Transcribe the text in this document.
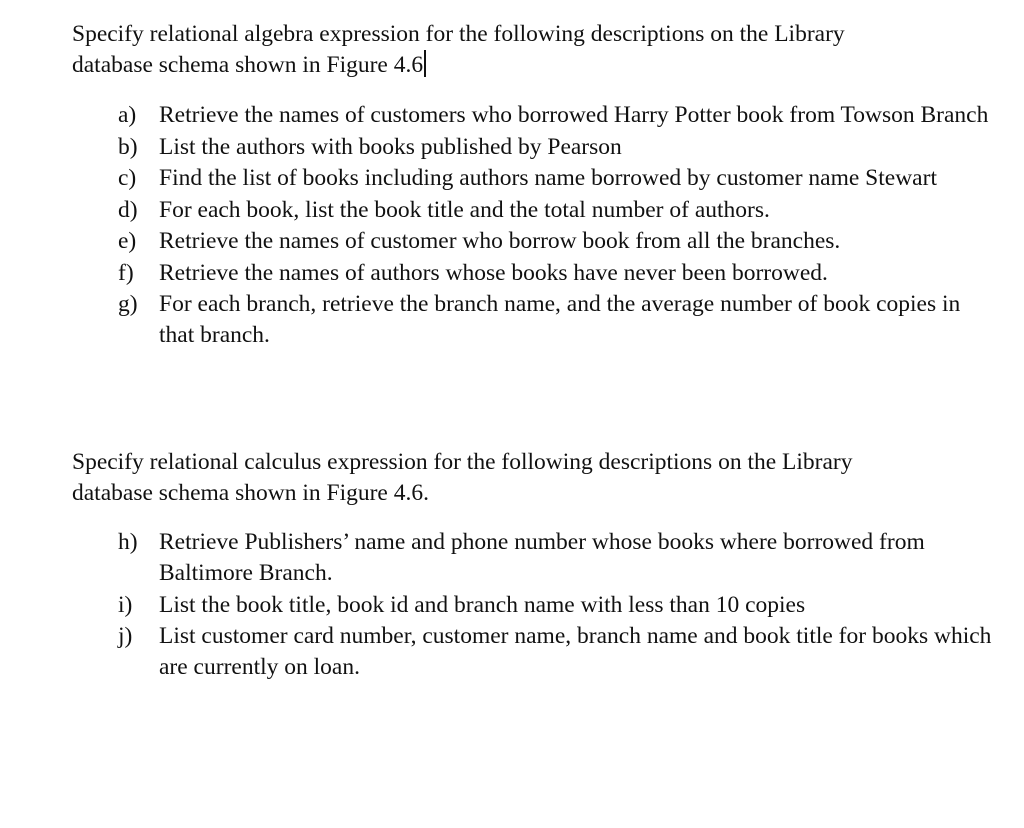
Specify relational algebra expression for the following descriptions on the Library
database schema shown in Figure 4.6

a) Retrieve the names of customers who borrowed Harry Potter book from Towson Branch
b) List the authors with books published by Pearson
c) Find the list of books including authors name borrowed by customer name Stewart
d) For each book, list the book title and the total number of authors.
e) Retrieve the names of customer who borrow book from all the branches.
f)	Retrieve the names of authors whose books have never been borrowed.
g) For each branch, retrieve the branch name, and the average number of book copies in that branch.

Specify relational calculus expression for the following descriptions on the Library
database schema shown in Figure 4.6.

h) Retrieve Publishers’ name and phone number whose books where borrowed from Baltimore Branch.
i)	List the book title, book id and branch name with less than 10 copies
j)	List customer card number, customer name, branch name and book title for books which are currently on loan.
